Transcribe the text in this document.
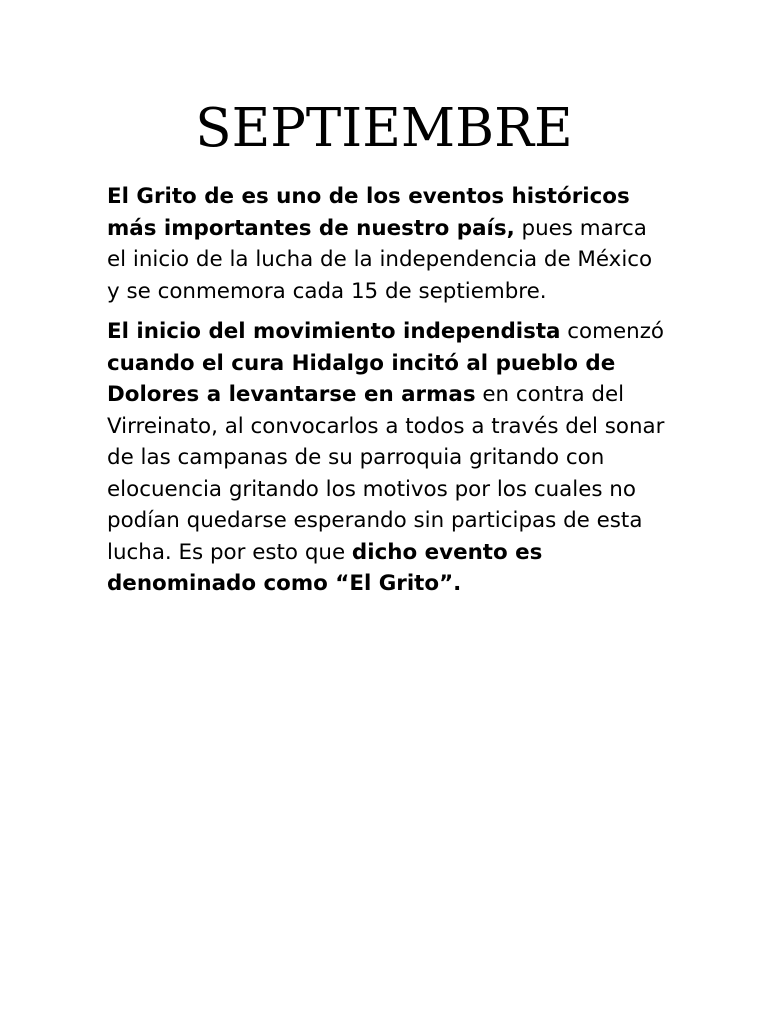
SEPTIEMBRE

El Grito de es uno de los eventos históricos más importantes de nuestro país, pues marca el inicio de la lucha de la independencia de México y se conmemora cada 15 de septiembre.

El inicio del movimiento independista comenzó cuando el cura Hidalgo incitó al pueblo de Dolores a levantarse en armas en contra del Virreinato, al convocarlos a todos a través del sonar de las campanas de su parroquia gritando con elocuencia gritando los motivos por los cuales no podían quedarse esperando sin participas de esta lucha. Es por esto que dicho evento es denominado como “El Grito”.
